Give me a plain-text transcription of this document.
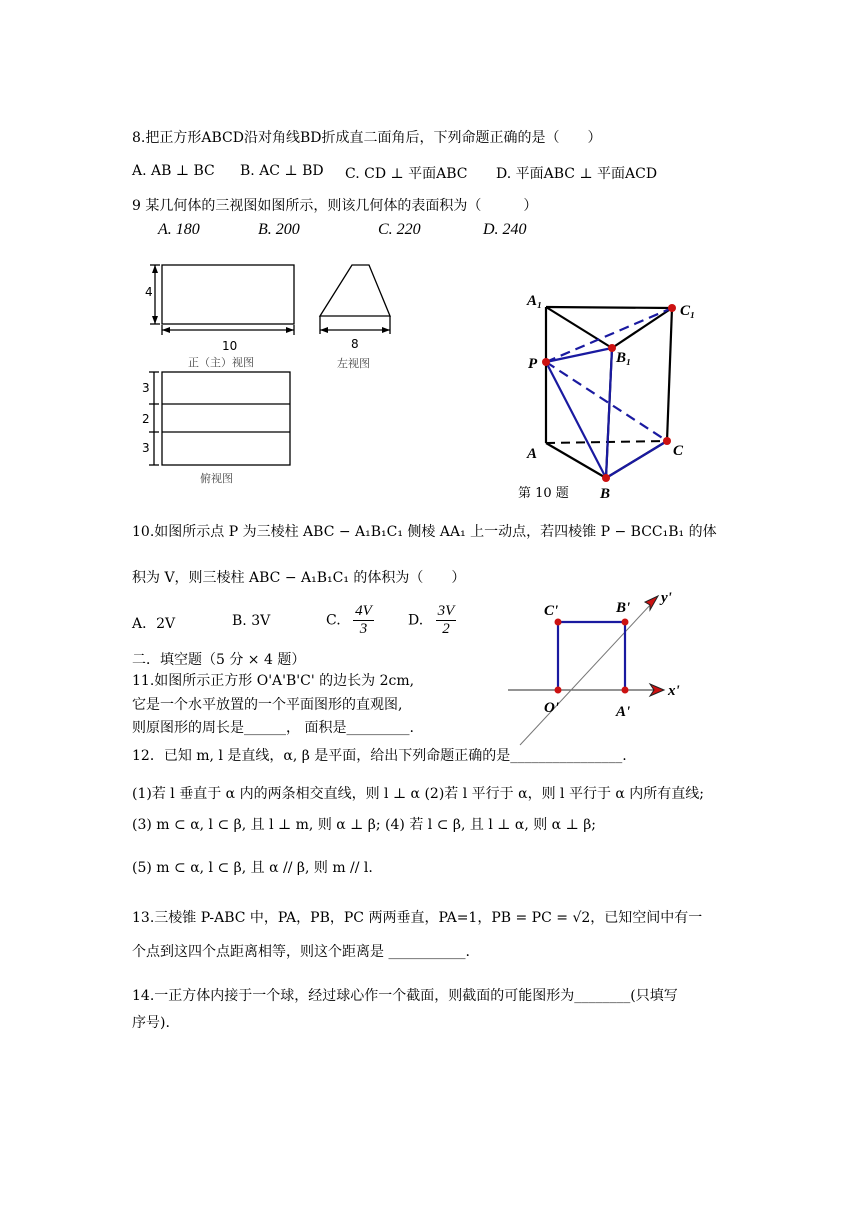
8.把正方形ABCD沿对角线BD折成直二面角后，下列命题正确的是（　　）
A. AB ⊥ BC B. AC ⊥ BD C. CD ⊥ 平面ABC D. 平面ABC ⊥ 平面ACD
9 某几何体的三视图如图所示，则该几何体的表面积为（　　　）
A. 180	B. 200	C. 220	D. 240
4
10
正（主）视图
8
左视图
3
2
3
俯视图
A₁
C₁
B₁
P
A	C
B
第 10 题
10.如图所示点 P 为三棱柱 ABC − A₁B₁C₁ 侧棱 AA₁ 上一动点，若四棱锥 P − BCC₁B₁ 的体
积为 V，则三棱柱 ABC − A₁B₁C₁ 的体积为（　　）
A．2V	B. 3V	C. $\frac{4V}{3} D$. $\frac{3V}{2}$
二．填空题（5 分 × 4 题）
11.如图所示正方形 O'A'B'C' 的边长为 2cm,
它是一个水平放置的一个平面图形的直观图,
则原图形的周长是______， 面积是_________.
C'	B'
y'
x'
O'	A'
12．已知 m, l 是直线，α, β 是平面，给出下列命题正确的是________________.
(1)若 l 垂直于 α 内的两条相交直线，则 l ⊥ α (2)若 l 平行于 α，则 l 平行于 α 内所有直线;
(3) m ⊂ α, l ⊂ β, 且 l ⊥ m, 则 α ⊥ β; (4) 若 l ⊂ β, 且 l ⊥ α, 则 α ⊥ β;
(5) m ⊂ α, l ⊂ β, 且 α // β, 则 m // l.
13.三棱锥 P-ABC 中，PA，PB，PC 两两垂直，PA=1，PB = PC = √2，已知空间中有一
个点到这四个点距离相等，则这个距离是 ___________.
14.一正方体内接于一个球，经过球心作一个截面，则截面的可能图形为________(只填写
序号).
